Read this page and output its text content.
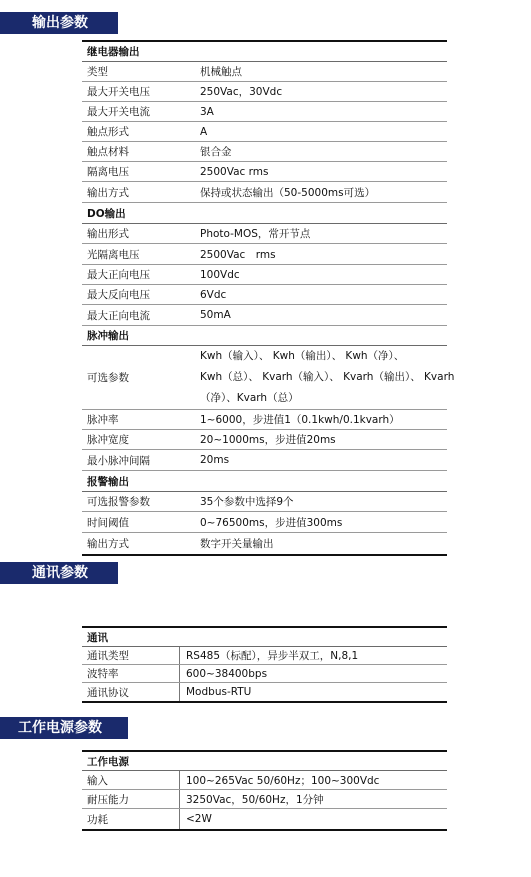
输出参数
继电器输出
类型	机械触点
最大开关电压	250Vac，30Vdc
最大开关电流	3A
触点形式	A
触点材料	银合金
隔离电压	2500Vac rms
输出方式	保持或状态输出（50-5000ms可选）
DO输出
输出形式	Photo-MOS，常开节点
光隔离电压	2500Vac　rms
最大正向电压	100Vdc
最大反向电压	6Vdc
最大正向电流	50mA
脉冲输出
可选参数
Kwh（输入）、 Kwh（输出）、 Kwh（净）、
Kwh（总）、 Kvarh（输入）、 Kvarh（输出）、 Kvarh
（净）、Kvarh（总）
脉冲率	1~6000，步进值1（0.1kwh/0.1kvarh）
脉冲宽度	20~1000ms，步进值20ms
最小脉冲间隔	20ms
报警输出
可选报警参数	35个参数中选择9个
时间阈值	0~76500ms，步进值300ms
输出方式	数字开关量输出
通讯参数
通讯
通讯类型	RS485（标配），异步半双工，N,8,1
波特率	600~38400bps
通讯协议	Modbus-RTU
工作电源参数
工作电源
输入	100~265Vac 50/60Hz；100~300Vdc
耐压能力	3250Vac，50/60Hz，1分钟
功耗	<2W
